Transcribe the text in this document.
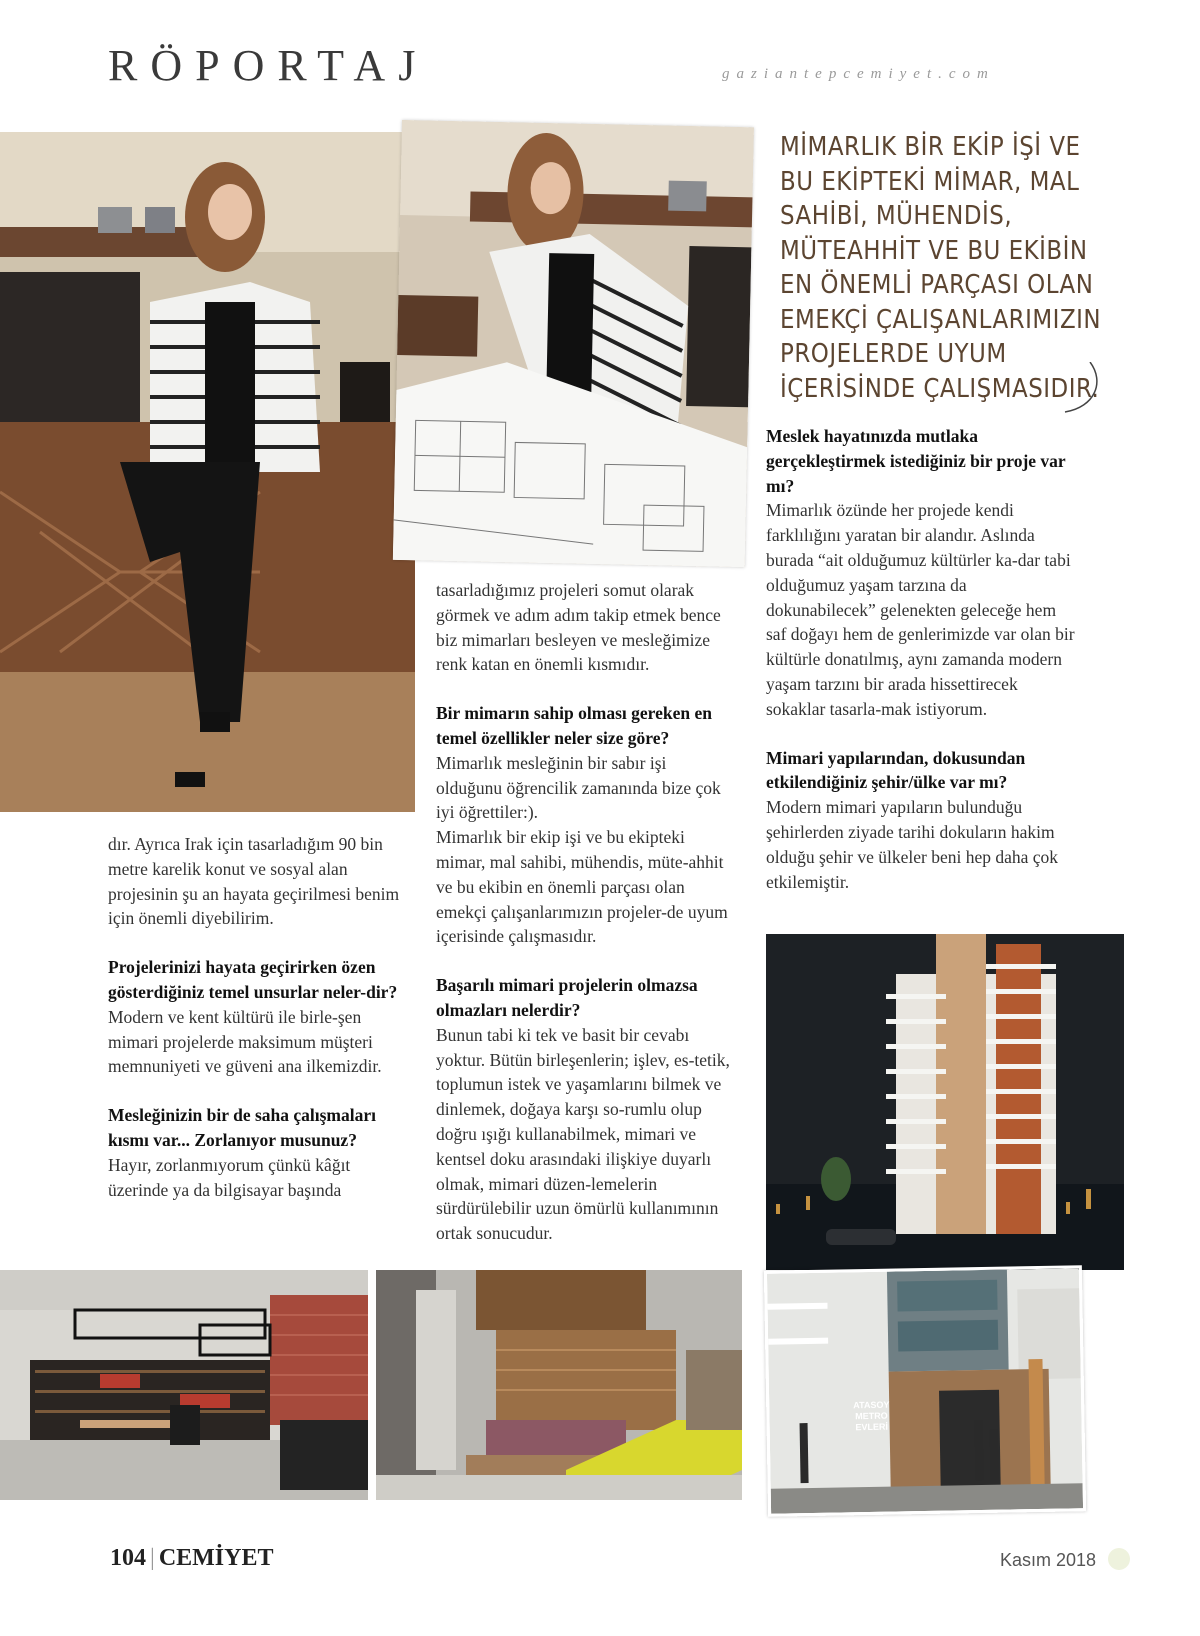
RÖPORTAJ	gaziantepcemiyet.com
MİMARLIK BİR EKİP İŞİ VE BU EKİPTEKİ MİMAR, MAL SAHİBİ, MÜHENDİS, MÜTEAHHİT VE BU EKİBİN EN ÖNEMLİ PARÇASI OLAN EMEKÇİ ÇALIŞANLARIMIZIN PROJELERDE UYUM İÇERİSİNDE ÇALIŞMASIDIR.

dır. Ayrıca Irak için tasarladığım 90 bin metre karelik konut ve sosyal alan projesinin şu an hayata geçirilmesi benim için önemli diyebilirim.

Projelerinizi hayata geçirirken özen gösterdiğiniz temel unsurlar neler-dir?
Modern ve kent kültürü ile birle-şen mimari projelerde maksimum müşteri memnuniyeti ve güveni ana ilkemizdir.

Mesleğinizin bir de saha çalışmaları kısmı var... Zorlanıyor musunuz?
Hayır, zorlanmıyorum çünkü kâğıt üzerinde ya da bilgisayar başında

tasarladığımız projeleri somut olarak görmek ve adım adım takip etmek bence biz mimarları besleyen ve mesleğimize renk katan en önemli kısmıdır.

Bir mimarın sahip olması gereken en temel özellikler neler size göre?
Mimarlık mesleğinin bir sabır işi olduğunu öğrencilik zamanında bize çok iyi öğrettiler:).
Mimarlık bir ekip işi ve bu ekipteki mimar, mal sahibi, mühendis, müte-ahhit ve bu ekibin en önemli parçası olan emekçi çalışanlarımızın projeler-de uyum içerisinde çalışmasıdır.

Başarılı mimari projelerin olmazsa olmazları nelerdir?
Bunun tabi ki tek ve basit bir cevabı yoktur. Bütün birleşenlerin; işlev, es-tetik, toplumun istek ve yaşamlarını bilmek ve dinlemek, doğaya karşı so-rumlu olup doğru ışığı kullanabilmek, mimari ve kentsel doku arasındaki ilişkiye duyarlı olmak, mimari düzen-lemelerin sürdürülebilir uzun ömürlü kullanımının ortak sonucudur.

Meslek hayatınızda mutlaka gerçekleştirmek istediğiniz bir proje var mı?
Mimarlık özünde her projede kendi farklılığını yaratan bir alandır. Aslında burada “ait olduğumuz kültürler ka-dar tabi olduğumuz yaşam tarzına da dokunabilecek” gelenekten geleceğe hem saf doğayı hem de genlerimizde var olan bir kültürle donatılmış, aynı zamanda modern yaşam tarzını bir arada hissettirecek sokaklar tasarla-mak istiyorum.

Mimari yapılarından, dokusundan etkilendiğiniz şehir/ülke var mı?
Modern mimari yapıların bulunduğu şehirlerden ziyade tarihi dokuların hakim olduğu şehir ve ülkeler beni hep daha çok etkilemiştir.

ATASOY
METRO
EVLERİ
104 | CEMİYET	Kasım 2018
